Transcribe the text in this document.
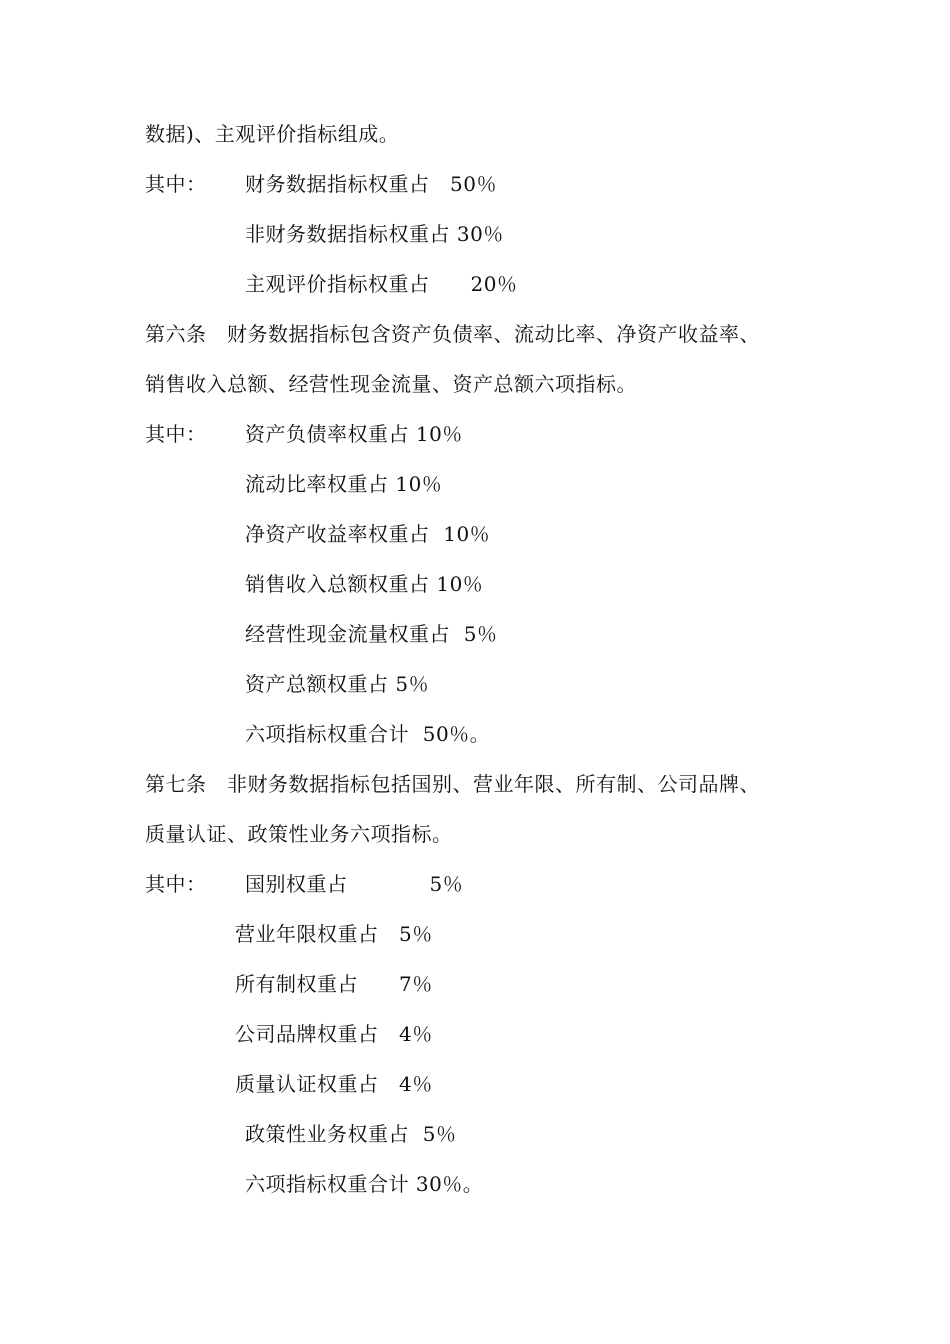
数据)、主观评价指标组成。
其中： 财务数据指标权重占　50％
非财务数据指标权重占 30％
主观评价指标权重占　　20％
第六条　财务数据指标包含资产负债率、流动比率、净资产收益率、
销售收入总额、经营性现金流量、资产总额六项指标。
其中： 资产负债率权重占 10％
流动比率权重占 10％
净资产收益率权重占  10％
销售收入总额权重占 10％
经营性现金流量权重占  5％
资产总额权重占 5％
六项指标权重合计  50％。
第七条　非财务数据指标包括国别、营业年限、所有制、公司品牌、
质量认证、政策性业务六项指标。
其中： 国别权重占　　　　5％
营业年限权重占　5％
所有制权重占　　7％
公司品牌权重占　4％
质量认证权重占　4％
政策性业务权重占  5％
六项指标权重合计 30％。
